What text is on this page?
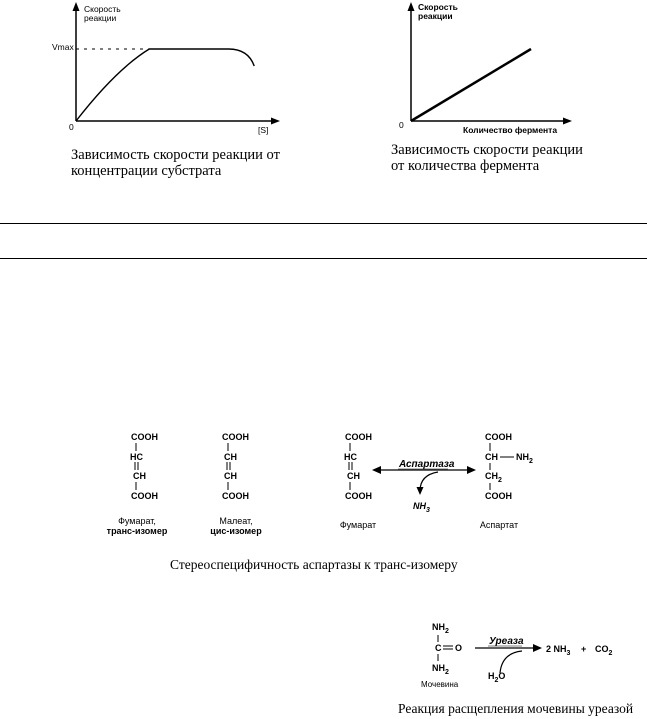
Скорость
реакции
Vmax
0	[S]
Зависимость скорости реакции от
концентрации субстрата
Скорость
реакции
0	Количество фермента
Зависимость скорости реакции
от количества фермента
COOH
HC
CH
COOH
COOH
CH
CH
COOH
COOH
HC
CH
COOH
COOH
CH $NH_2$
$CH_2$
COOH
Аспартаза
$NH_3$
Фумарат,
транс-изомер
Малеат,
цис-изомер
Фумарат	Аспартат
Стереоспецифичность аспартазы к транс-изомеру
$NH_2$
C O
$NH_2$
Мочевина
Уреаза
$H_2O$
2 $NH_3 + CO_2$
Реакция расщепления мочевины уреазой
